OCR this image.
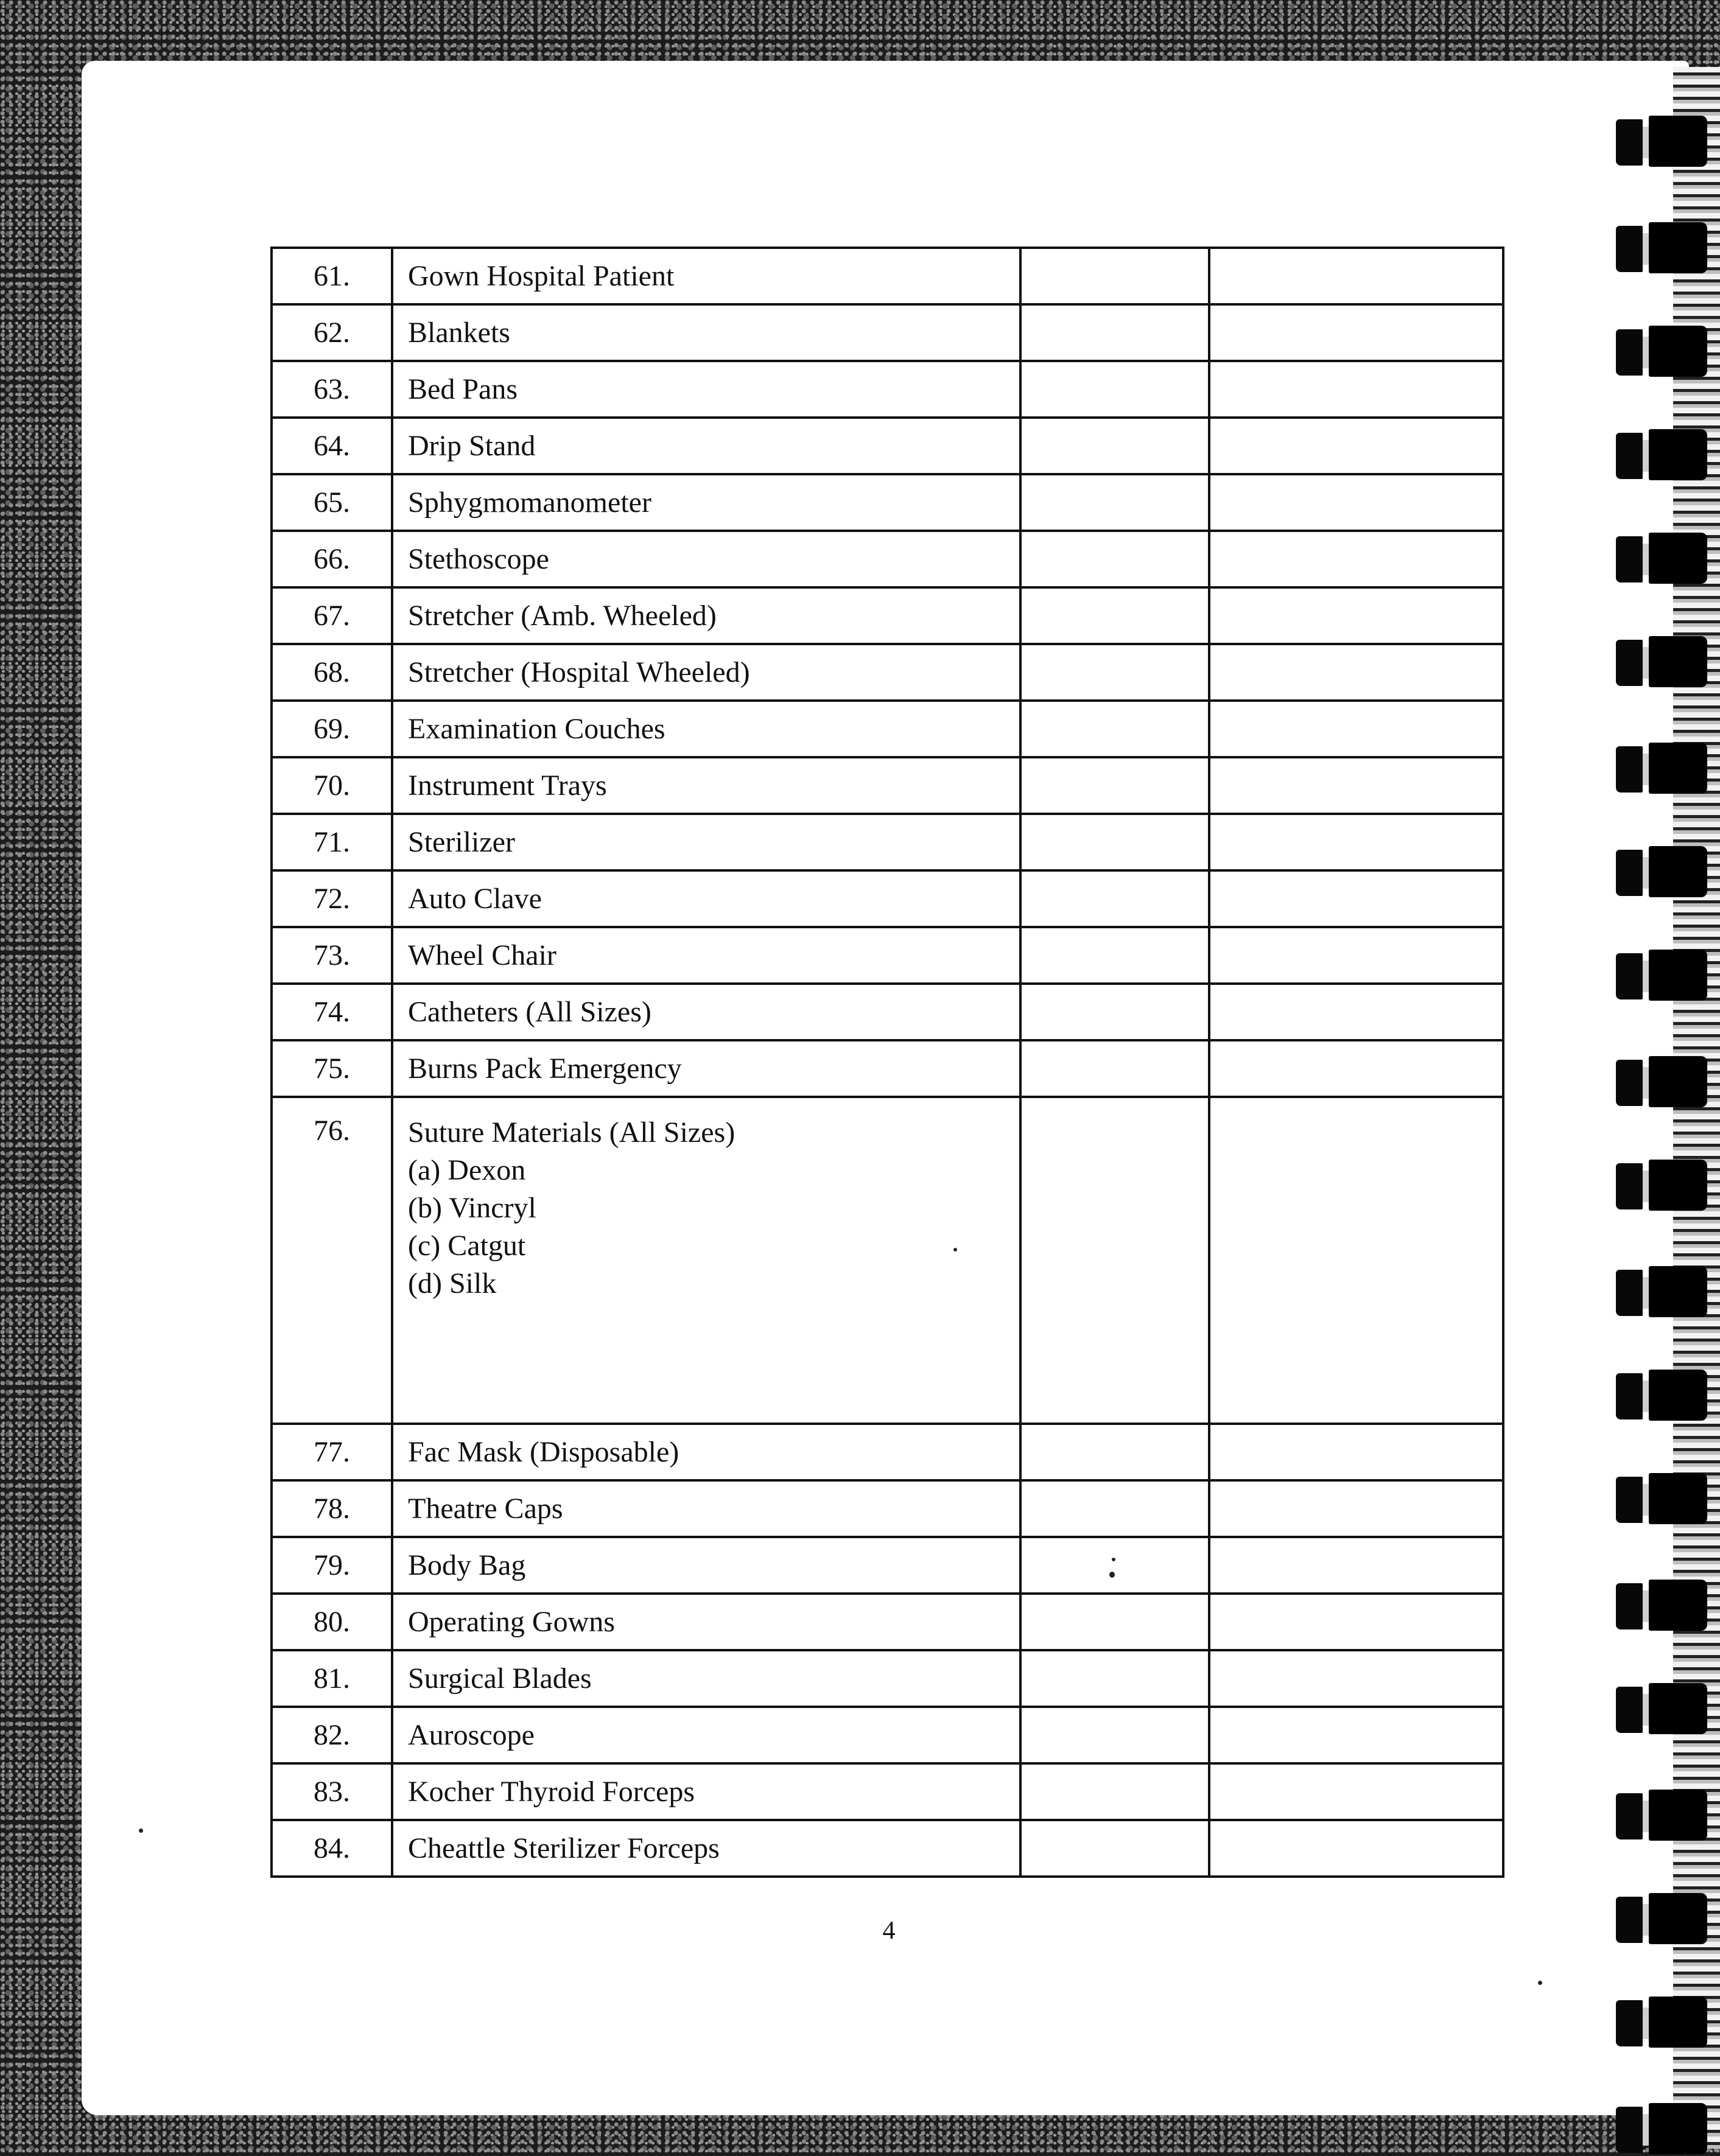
61.	Gown Hospital Patient		
62.	Blankets		
63.	Bed Pans		
64.	Drip Stand		
65.	Sphygmomanometer		
66.	Stethoscope		
67.	Stretcher (Amb. Wheeled)		
68.	Stretcher (Hospital Wheeled)		
69.	Examination Couches		
70.	Instrument Trays		
71.	Sterilizer		
72.	Auto Clave		
73.	Wheel Chair		
74.	Catheters (All Sizes)		
75.	Burns Pack Emergency		
76.	Suture Materials (All Sizes)
(a) Dexon
(b) Vincryl
(c) Catgut
(d) Silk		

77.	Fac Mask (Disposable)		
78.	Theatre Caps		
79.	Body Bag		
80.	Operating Gowns		
81.	Surgical Blades		
82.	Auroscope		
83.	Kocher Thyroid Forceps		
84.	Cheattle Sterilizer Forceps		
4
